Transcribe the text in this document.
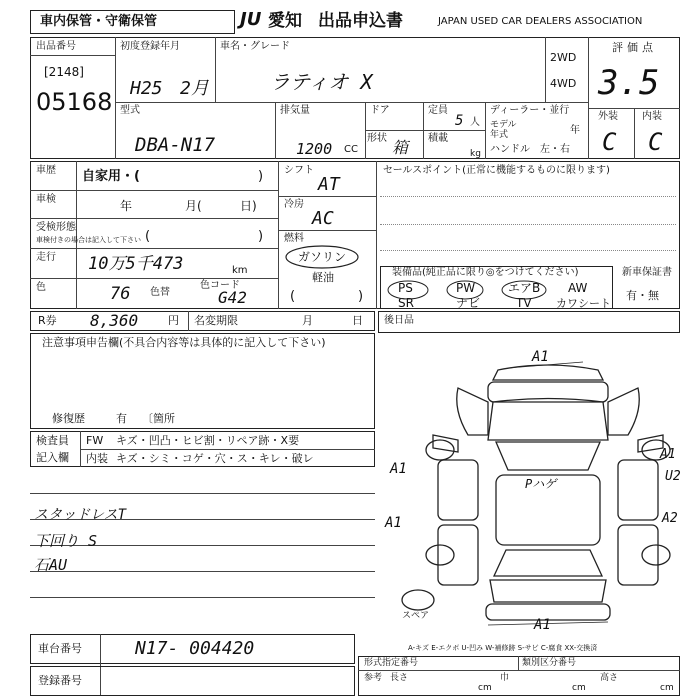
車内保管・守衛保管	JU 愛知 出品申込書	JAPAN USED CAR DEALERS ASSOCIATION
出品番号
[2148]
05168
初度登録年月
H25 2月
車名・グレード
ラティオ X
2WD
4WD
評価点
3.5
外装 内装
C C
型式
DBA-N17
排気量
1200 CC
ドア
形状 箱
定員
5 人
積載
kg
ディーラー・並行
モデル
年式	年
ハンドル 左・右
車歴 自家用・(	)
車検	年	月(	日)
受検形態
車検付きの場合は記入して下さい (	)
走行 10万5千473	km
色	76 色替
色コード
G42
シフト
AT
冷房
AC
燃料
ガソリン
軽油
(	)
セールスポイント(正常に機能するものに限ります)
装備品(純正品に限り◎をつけてください)
PS	PW	エアB AW
SR	ナビ	TV カワシート
新車保証書
有・無
R券 8,360	円 名変期限	月	日
注意事項申告欄(不具合内容等は具体的に記入して下さい)
修復歴	有 〔箇所
後日品
検査員
記入欄
FW キズ・凹凸・ヒビ割・リペア跡・X要
内装 キズ・シミ・コゲ・穴・ス・キレ・破レ
スタッドレスT
下回り S
石AU
A1
A1
A1
U2
A1	A2
A1
Pハゲ
スペア
車台番号	N17- 004420
登録番号
A-キズ E-エクボ U-凹み W-補修跡 S-サビ C-腐食 XX-交換済
形式指定番号	類別区分番号
参考 長さ	巾	高さ
cm	cm	cm
